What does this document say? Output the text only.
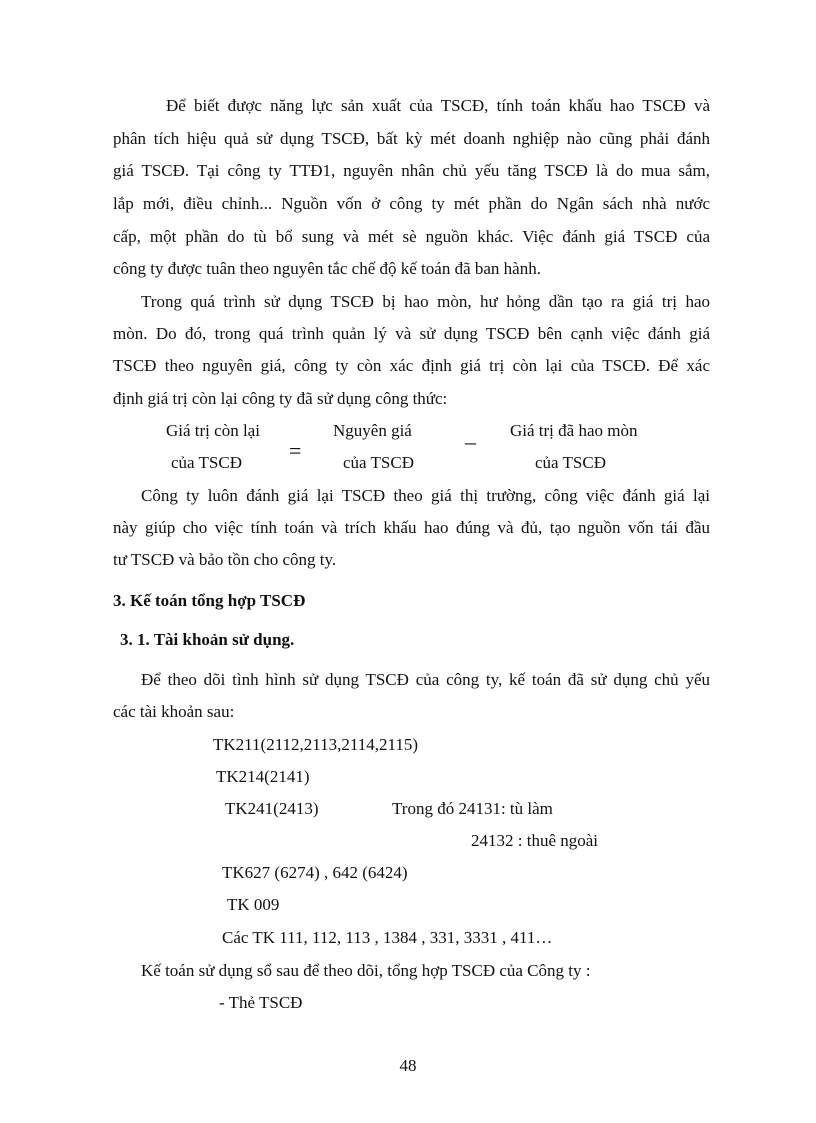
Để biết được năng lực sản xuất của TSCĐ, tính toán khấu hao TSCĐ và
phân tích hiệu quả sử dụng TSCĐ, bất kỳ mét doanh nghiệp nào cũng phải đánh
giá TSCĐ. Tại công ty TTĐ1, nguyên nhân chủ yếu tăng TSCĐ là do mua sắm,
lắp mới, điều chỉnh... Nguồn vốn ở công ty mét phần do Ngân sách nhà nước
cấp, một phần do tù bổ sung và mét sè nguồn khác. Việc đánh giá TSCĐ của
công ty được tuân theo nguyên tắc chế độ kế toán đã ban hành.
Trong quá trình sử dụng TSCĐ bị hao mòn, hư hỏng dần tạo ra giá trị hao
mòn. Do đó, trong quá trình quản lý và sử dụng TSCĐ bên cạnh việc đánh giá
TSCĐ theo nguyên giá, công ty còn xác định giá trị còn lại của TSCĐ. Để xác
định giá trị còn lại công ty đã sử dụng công thức:
Giá trị còn lại
của TSCĐ =
Nguyên giá
của TSCĐ
– Giá trị đã hao mòn
của TSCĐ
Công ty luôn đánh giá lại TSCĐ theo giá thị trường, công việc đánh giá lại
này giúp cho việc tính toán và trích khấu hao đúng và đủ, tạo nguồn vốn tái đầu
tư TSCĐ và bảo tồn cho công ty.
3. Kế toán tổng hợp TSCĐ
3. 1. Tài khoản sử dụng.
Để theo dõi tình hình sử dụng TSCĐ của công ty, kế toán đã sử dụng chủ yếu
các tài khoản sau:
TK211(2112,2113,2114,2115)
TK214(2141)
TK241(2413)	Trong đó 24131: tù làm
24132 : thuê ngoài
TK627 (6274) , 642 (6424)
TK 009
Các TK 111, 112, 113 , 1384 , 331, 3331 , 411…
Kế toán sử dụng sổ sau để theo dõi, tổng hợp TSCĐ của Công ty :
- Thẻ TSCĐ
48
